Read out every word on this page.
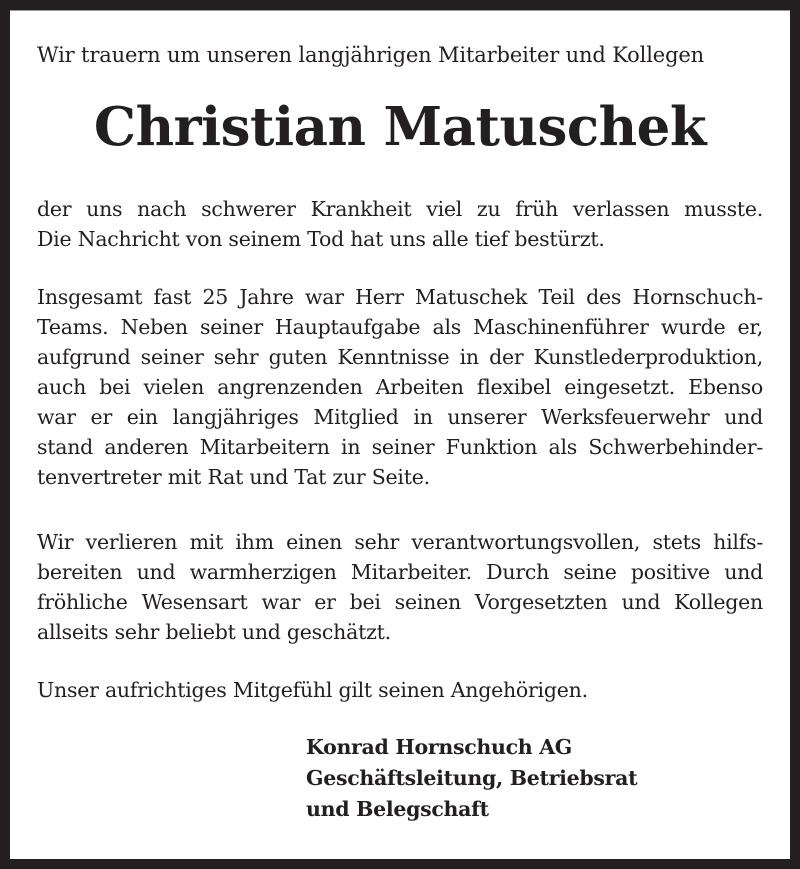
Wir trauern um unseren langjährigen Mitarbeiter und Kollegen
Christian Matuschek
der uns nach schwerer Krankheit viel zu früh verlassen musste.
Die Nachricht von seinem Tod hat uns alle tief bestürzt.
Insgesamt fast 25 Jahre war Herr Matuschek Teil des Hornschuch-
Teams. Neben seiner Hauptaufgabe als Maschinenführer wurde er,
aufgrund seiner sehr guten Kenntnisse in der Kunstlederproduktion,
auch bei vielen angrenzenden Arbeiten flexibel eingesetzt. Ebenso
war er ein langjähriges Mitglied in unserer Werksfeuerwehr und
stand anderen Mitarbeitern in seiner Funktion als Schwerbehinder-
tenvertreter mit Rat und Tat zur Seite.
Wir verlieren mit ihm einen sehr verantwortungsvollen, stets hilfs-
bereiten und warmherzigen Mitarbeiter. Durch seine positive und
fröhliche Wesensart war er bei seinen Vorgesetzten und Kollegen
allseits sehr beliebt und geschätzt.
Unser aufrichtiges Mitgefühl gilt seinen Angehörigen.
Konrad Hornschuch AG
Geschäftsleitung, Betriebsrat
und Belegschaft
